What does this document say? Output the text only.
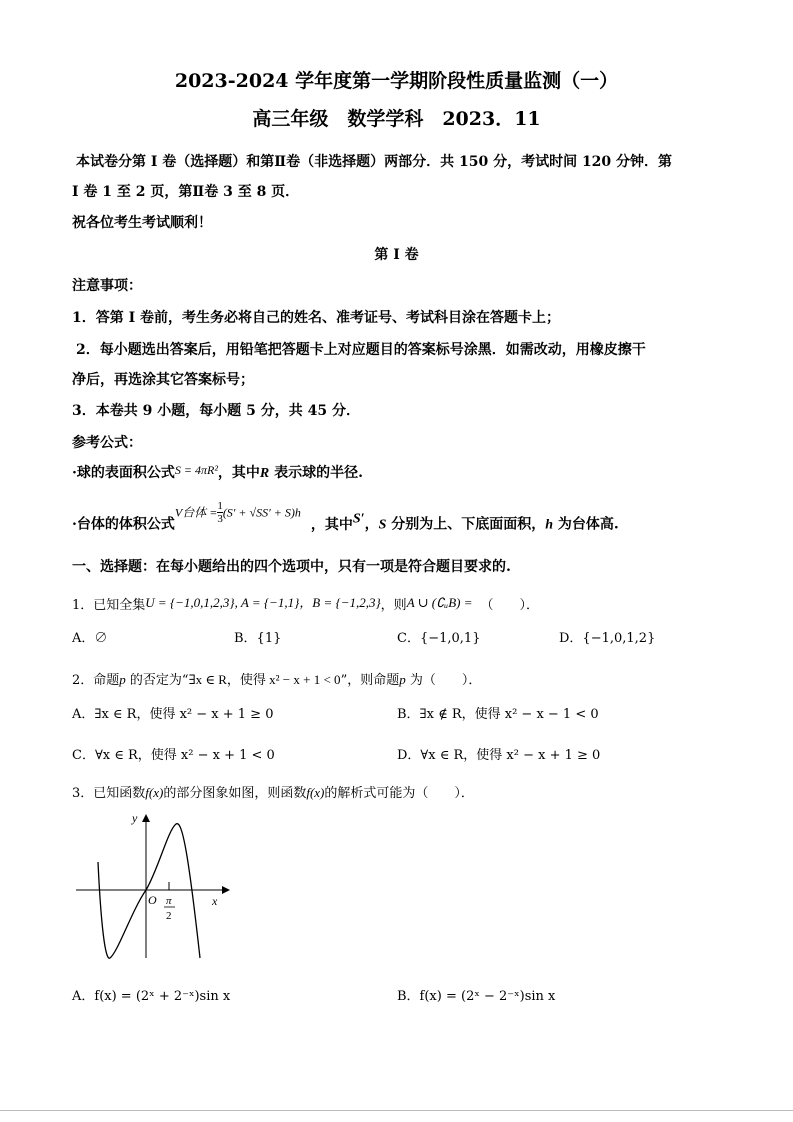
2023-2024 学年度第一学期阶段性质量监测（一）
高三年级　数学学科　2023．11
本试卷分第 I 卷（选择题）和第Ⅱ卷（非选择题）两部分．共 150 分，考试时间 120 分钟．第
I 卷 1 至 2 页，第Ⅱ卷 3 至 8 页．
祝各位考生考试顺利！
第 I 卷
注意事项：
1．答第 I 卷前，考生务必将自己的姓名、准考证号、考试科目涂在答题卡上；
2．每小题选出答案后，用铅笔把答题卡上对应题目的答案标号涂黑．如需改动，用橡皮擦干
净后，再选涂其它答案标号；
3．本卷共 9 小题，每小题 5 分，共 45 分．
参考公式：
·球的表面积公式S = 4πR²，其中R 表示球的半径.
·台体的体积公式V台体 = $\frac{1}{3} (S' + √SS' + S)h$，其中S′，S 分别为上、下底面面积，h 为台体高.
一、选择题：在每小题给出的四个选项中，只有一项是符合题目要求的.
1．已知全集U = {−1,0,1,2,3}, A = {−1,1}，B = {−1,2,3}，则A ∪ (∁ᵤB) = （　　）．
A．∅	B．{1}	C．{−1,0,1}	D．{−1,0,1,2}
2．命题p 的否定为“∃x ∈ R，使得 x² − x + 1 < 0”，则命题p 为（　　）．
A．∃x ∈ R，使得 x² − x + 1 ≥ 0	B．∃x ∉ R，使得 x² − x − 1 < 0
C．∀x ∈ R，使得 x² − x + 1 < 0	D．∀x ∈ R，使得 x² − x + 1 ≥ 0
3．已知函数f(x)的部分图象如图，则函数f(x)的解析式可能为（　　）．
y
x
O π
2
A．f(x) = (2ˣ + 2⁻ˣ)sin x	B．f(x) = (2ˣ − 2⁻ˣ)sin x
